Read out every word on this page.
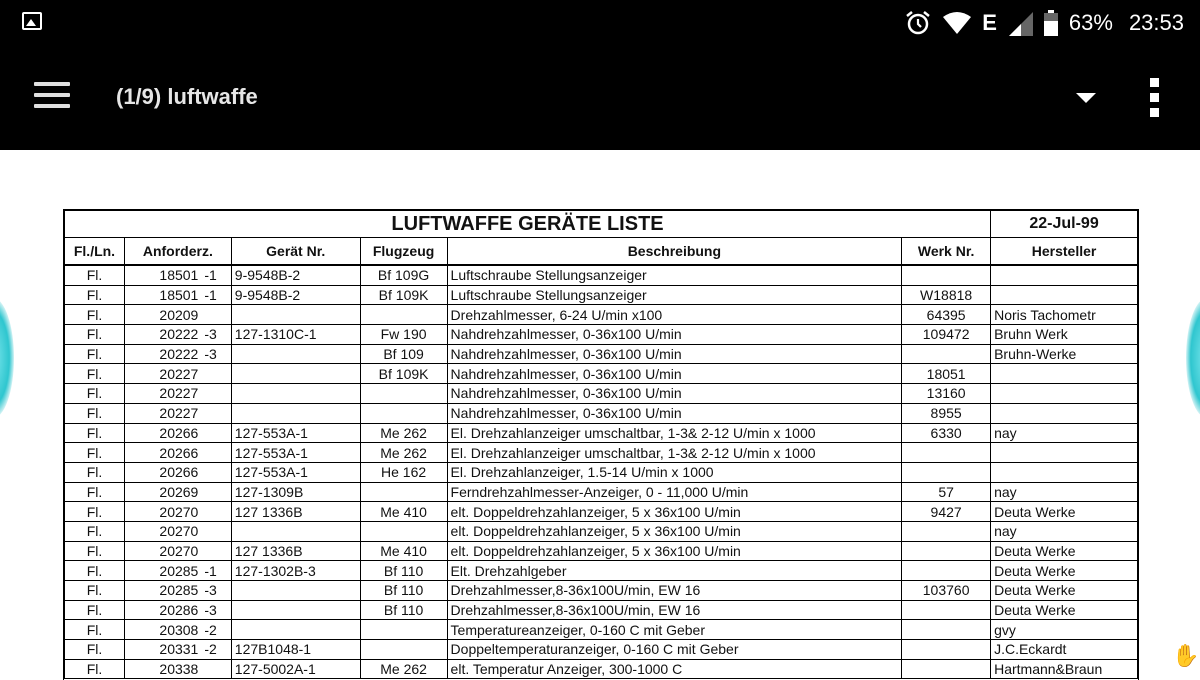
E	63% 23:53
(1/9) luftwaffe
LUFTWAFFE GERÄTE LISTE							22-Jul-99
Fl./Ln.	Anforderz.		Gerät Nr.	Flugzeug	Beschreibung	Werk Nr.	Hersteller
Fl.	18501	-1	9-9548B-2	Bf 109G	Luftschraube Stellungsanzeiger		
Fl.	18501	-1	9-9548B-2	Bf 109K	Luftschraube Stellungsanzeiger	W18818	
Fl.	20209				Drehzahlmesser, 6-24 U/min x100	64395	Noris Tachometr
Fl.	20222	-3	127-1310C-1	Fw 190	Nahdrehzahlmesser, 0-36x100 U/min	109472	Bruhn Werk
Fl.	20222	-3		Bf 109	Nahdrehzahlmesser, 0-36x100 U/min		Bruhn-Werke
Fl.	20227			Bf 109K	Nahdrehzahlmesser, 0-36x100 U/min	18051	
Fl.	20227				Nahdrehzahlmesser, 0-36x100 U/min	13160	
Fl.	20227				Nahdrehzahlmesser, 0-36x100 U/min	8955	
Fl.	20266		127-553A-1	Me 262	El. Drehzahlanzeiger umschaltbar, 1-3& 2-12 U/min x 1000	6330	nay
Fl.	20266		127-553A-1	Me 262	El. Drehzahlanzeiger umschaltbar, 1-3& 2-12 U/min x 1000		
Fl.	20266		127-553A-1	He 162	El. Drehzahlanzeiger, 1.5-14 U/min x 1000		
Fl.	20269		127-1309B		Ferndrehzahlmesser-Anzeiger, 0 - 11,000 U/min	57	nay
Fl.	20270		127 1336B	Me 410	elt. Doppeldrehzahlanzeiger, 5 x 36x100 U/min	9427	Deuta Werke
Fl.	20270				elt. Doppeldrehzahlanzeiger, 5 x 36x100 U/min		nay
Fl.	20270		127 1336B	Me 410	elt. Doppeldrehzahlanzeiger, 5 x 36x100 U/min		Deuta Werke
Fl.	20285	-1	127-1302B-3	Bf 110	Elt. Drehzahlgeber		Deuta Werke
Fl.	20285	-3		Bf 110	Drehzahlmesser,8-36x100U/min, EW 16	103760	Deuta Werke
Fl.	20286	-3		Bf 110	Drehzahlmesser,8-36x100U/min, EW 16		Deuta Werke
Fl.	20308	-2			Temperatureanzeiger, 0-160 C mit Geber		gvy
Fl.	20331	-2	127B1048-1		Doppeltemperaturanzeiger, 0-160 C mit Geber		J.C.Eckardt
Fl.	20338		127-5002A-1	Me 262	elt. Temperatur Anzeiger, 300-1000 C		Hartmann&Braun
✋
